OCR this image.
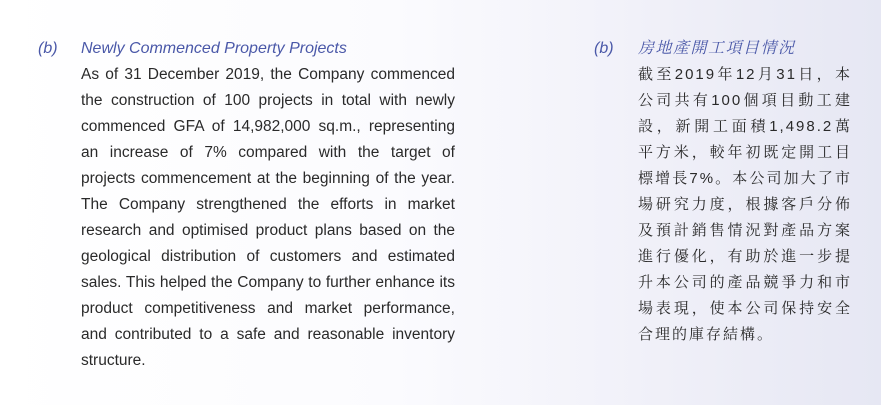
(b) Newly Commenced Property Projects

As of 31 December 2019, the Company commenced the construction of 100 projects in total with newly commenced GFA of 14,982,000 sq.m., representing an increase of 7% compared with the target of projects commencement at the beginning of the year. The Company strengthened the efforts in market research and optimised product plans based on the geological distribution of customers and estimated sales. This helped the Company to further enhance its product competitiveness and market performance, and contributed to a safe and reasonable inventory structure.

(b) 房地產開工項目情況

截至2019年12月31日，本公司共有100個項目動工建設，新開工面積1,498.2萬平方米，較年初既定開工目標增長7%。本公司加大了市場研究力度，根據客戶分佈及預計銷售情況對產品方案進行優化，有助於進一步提升本公司的產品競爭力和市場表現，使本公司保持安全合理的庫存結構。
